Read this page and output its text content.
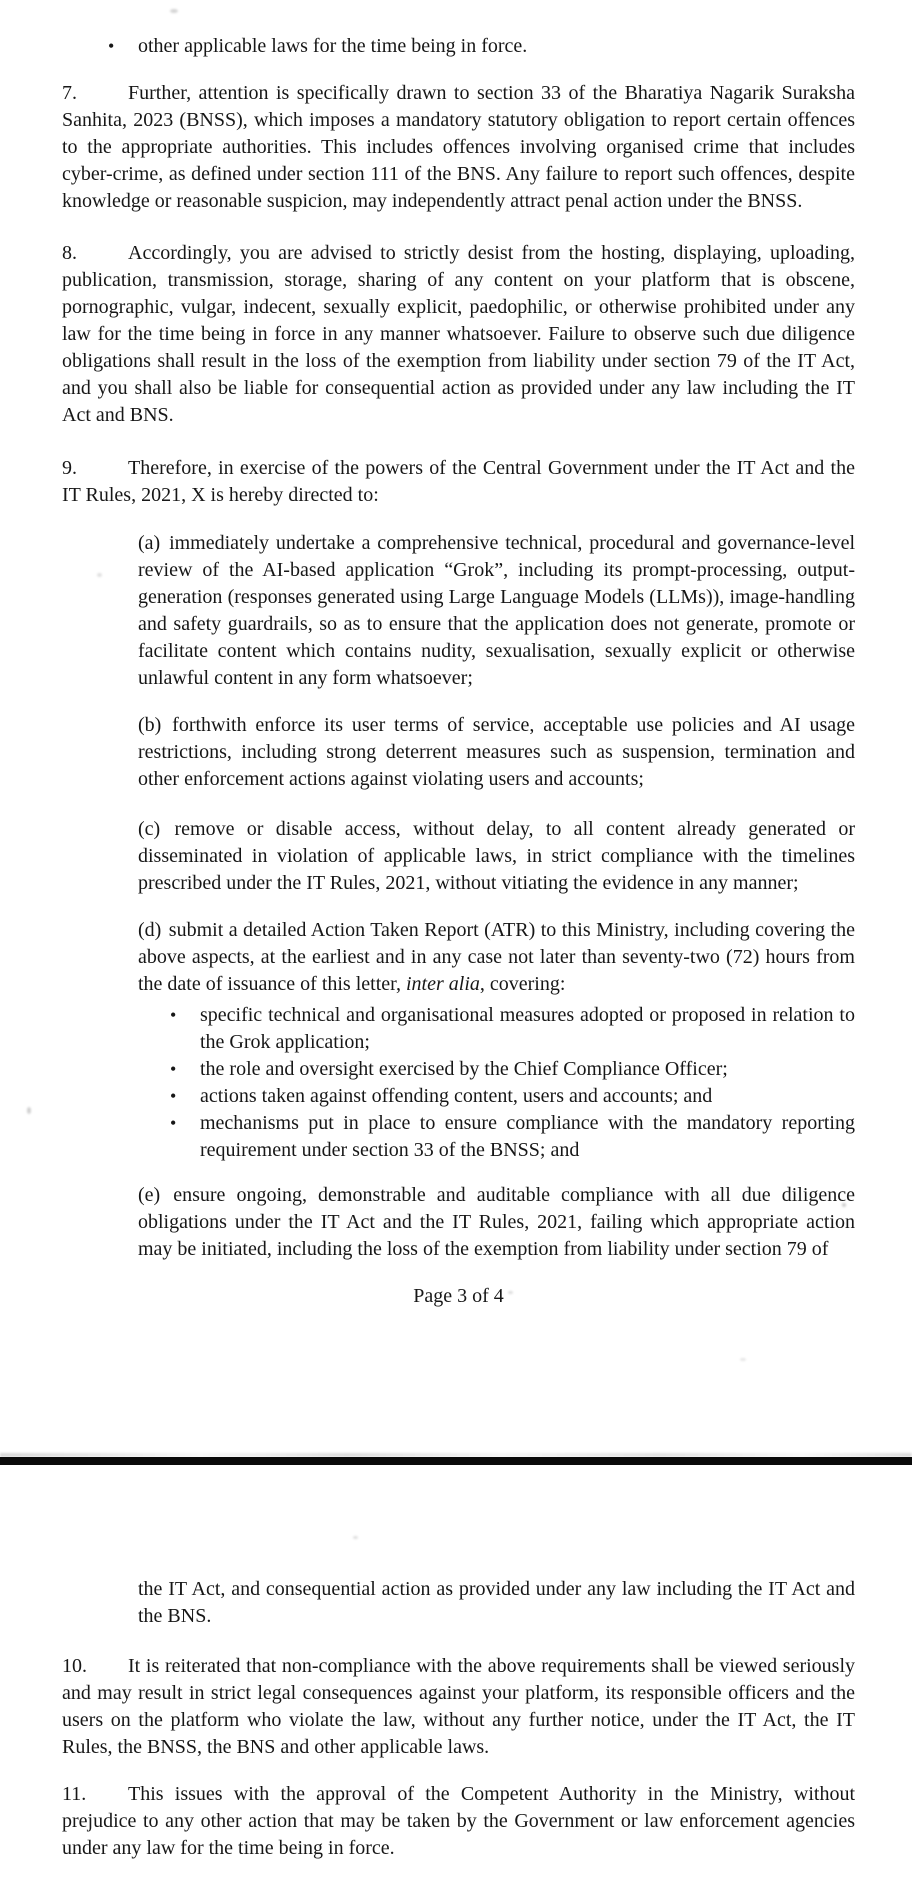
•	other applicable laws for the time being in force.

7.	Further, attention is specifically drawn to section 33 of the Bharatiya Nagarik Suraksha Sanhita, 2023 (BNSS), which imposes a mandatory statutory obligation to report certain offences to the appropriate authorities. This includes offences involving organised crime that includes cyber-crime, as defined under section 111 of the BNS. Any failure to report such offences, despite knowledge or reasonable suspicion, may independently attract penal action under the BNSS.

8.	Accordingly, you are advised to strictly desist from the hosting, displaying, uploading, publication, transmission, storage, sharing of any content on your platform that is obscene, pornographic, vulgar, indecent, sexually explicit, paedophilic, or otherwise prohibited under any law for the time being in force in any manner whatsoever. Failure to observe such due diligence obligations shall result in the loss of the exemption from liability under section 79 of the IT Act, and you shall also be liable for consequential action as provided under any law including the IT Act and BNS.

9.	Therefore, in exercise of the powers of the Central Government under the IT Act and the IT Rules, 2021, X is hereby directed to:

(a) immediately undertake a comprehensive technical, procedural and governance-level review of the AI-based application “Grok”, including its prompt-processing, output-generation (responses generated using Large Language Models (LLMs)), image-handling and safety guardrails, so as to ensure that the application does not generate, promote or facilitate content which contains nudity, sexualisation, sexually explicit or otherwise unlawful content in any form whatsoever;

(b) forthwith enforce its user terms of service, acceptable use policies and AI usage restrictions, including strong deterrent measures such as suspension, termination and other enforcement actions against violating users and accounts;

(c) remove or disable access, without delay, to all content already generated or disseminated in violation of applicable laws, in strict compliance with the timelines prescribed under the IT Rules, 2021, without vitiating the evidence in any manner;

(d) submit a detailed Action Taken Report (ATR) to this Ministry, including covering the above aspects, at the earliest and in any case not later than seventy-two (72) hours from the date of issuance of this letter, inter alia, covering:

•	specific technical and organisational measures adopted or proposed in relation to the Grok application;
•	the role and oversight exercised by the Chief Compliance Officer;
•	actions taken against offending content, users and accounts; and
•	mechanisms put in place to ensure compliance with the mandatory reporting requirement under section 33 of the BNSS; and

(e) ensure ongoing, demonstrable and auditable compliance with all due diligence obligations under the IT Act and the IT Rules, 2021, failing which appropriate action may be initiated, including the loss of the exemption from liability under section 79 of

Page 3 of 4

the IT Act, and consequential action as provided under any law including the IT Act and the BNS.

10. It is reiterated that non-compliance with the above requirements shall be viewed seriously and may result in strict legal consequences against your platform, its responsible officers and the users on the platform who violate the law, without any further notice, under the IT Act, the IT Rules, the BNSS, the BNS and other applicable laws.

11. This issues with the approval of the Competent Authority in the Ministry, without prejudice to any other action that may be taken by the Government or law enforcement agencies under any law for the time being in force.
